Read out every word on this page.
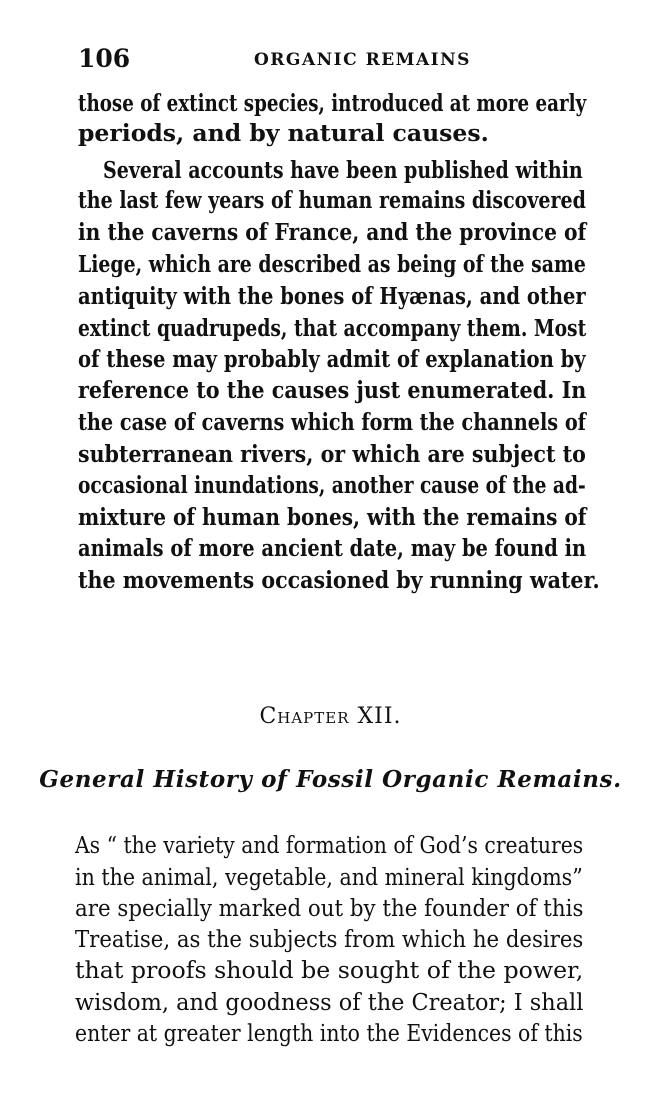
106	ORGANIC REMAINS
those of extinct species, introduced at more early
periods, and by natural causes.
Several accounts have been published within
the last few years of human remains discovered
in the caverns of France, and the province of
Liege, which are described as being of the same
antiquity with the bones of Hyænas, and other
extinct quadrupeds, that accompany them. Most
of these may probably admit of explanation by
reference to the causes just enumerated. In
the case of caverns which form the channels of
subterranean rivers, or which are subject to
occasional inundations, another cause of the ad-
mixture of human bones, with the remains of
animals of more ancient date, may be found in
the movements occasioned by running water.
Chapter XII.
General History of Fossil Organic Remains.
As “ the variety and formation of God’s creatures
in the animal, vegetable, and mineral kingdoms”
are specially marked out by the founder of this
Treatise, as the subjects from which he desires
that proofs should be sought of the power,
wisdom, and goodness of the Creator; I shall
enter at greater length into the Evidences of this
